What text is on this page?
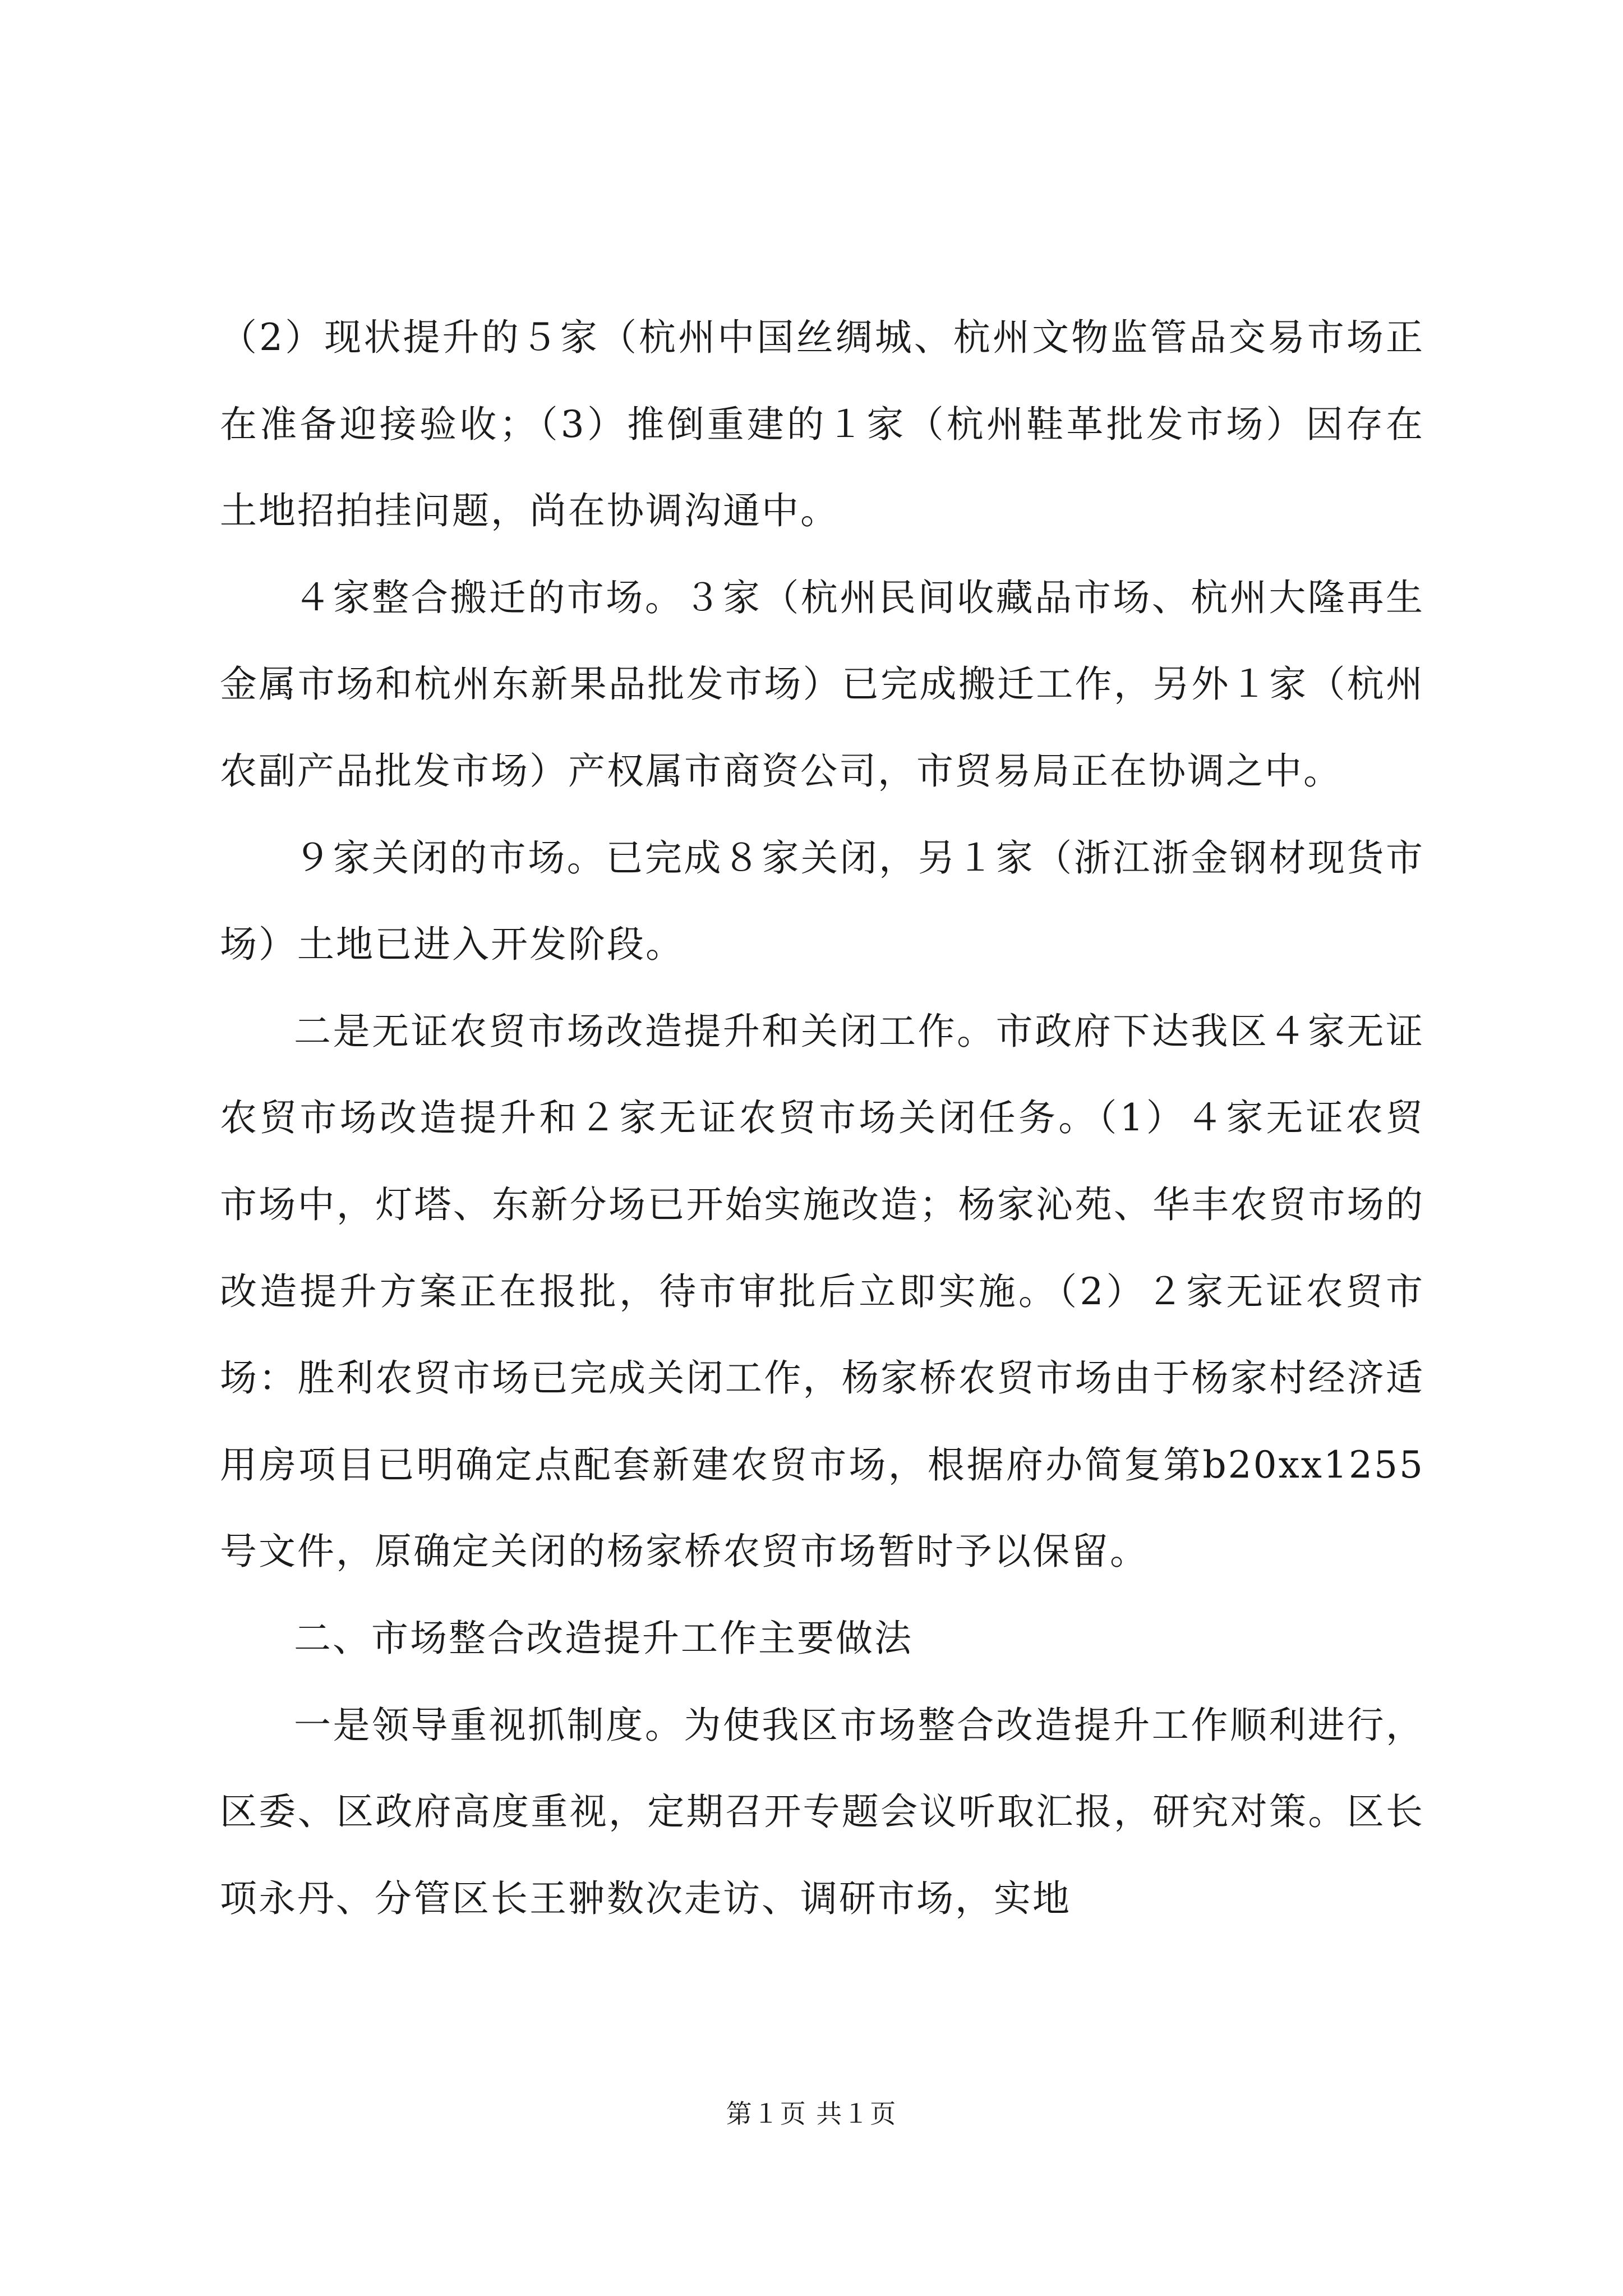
（2）现状提升的５家（杭州中国丝绸城、杭州文物监管品交易市场正在准备迎接验收；（3）推倒重建的１家（杭州鞋革批发市场）因存在土地招拍挂问题，尚在协调沟通中。

４家整合搬迁的市场。３家（杭州民间收藏品市场、杭州大隆再生金属市场和杭州东新果品批发市场）已完成搬迁工作，另外１家（杭州农副产品批发市场）产权属市商资公司，市贸易局正在协调之中。

９家关闭的市场。已完成８家关闭，另１家（浙江浙金钢材现货市场）土地已进入开发阶段。

二是无证农贸市场改造提升和关闭工作。市政府下达我区４家无证农贸市场改造提升和２家无证农贸市场关闭任务。（1）４家无证农贸市场中，灯塔、东新分场已开始实施改造；杨家沁苑、华丰农贸市场的改造提升方案正在报批，待市审批后立即实施。（2）２家无证农贸市场：胜利农贸市场已完成关闭工作，杨家桥农贸市场由于杨家村经济适用房项目已明确定点配套新建农贸市场，根据府办简复第b20xx1255号文件，原确定关闭的杨家桥农贸市场暂时予以保留。

二、市场整合改造提升工作主要做法

一是领导重视抓制度。为使我区市场整合改造提升工作顺利进行，区委、区政府高度重视，定期召开专题会议听取汇报，研究对策。区长项永丹、分管区长王翀数次走访、调研市场，实地

第１页 共１页
